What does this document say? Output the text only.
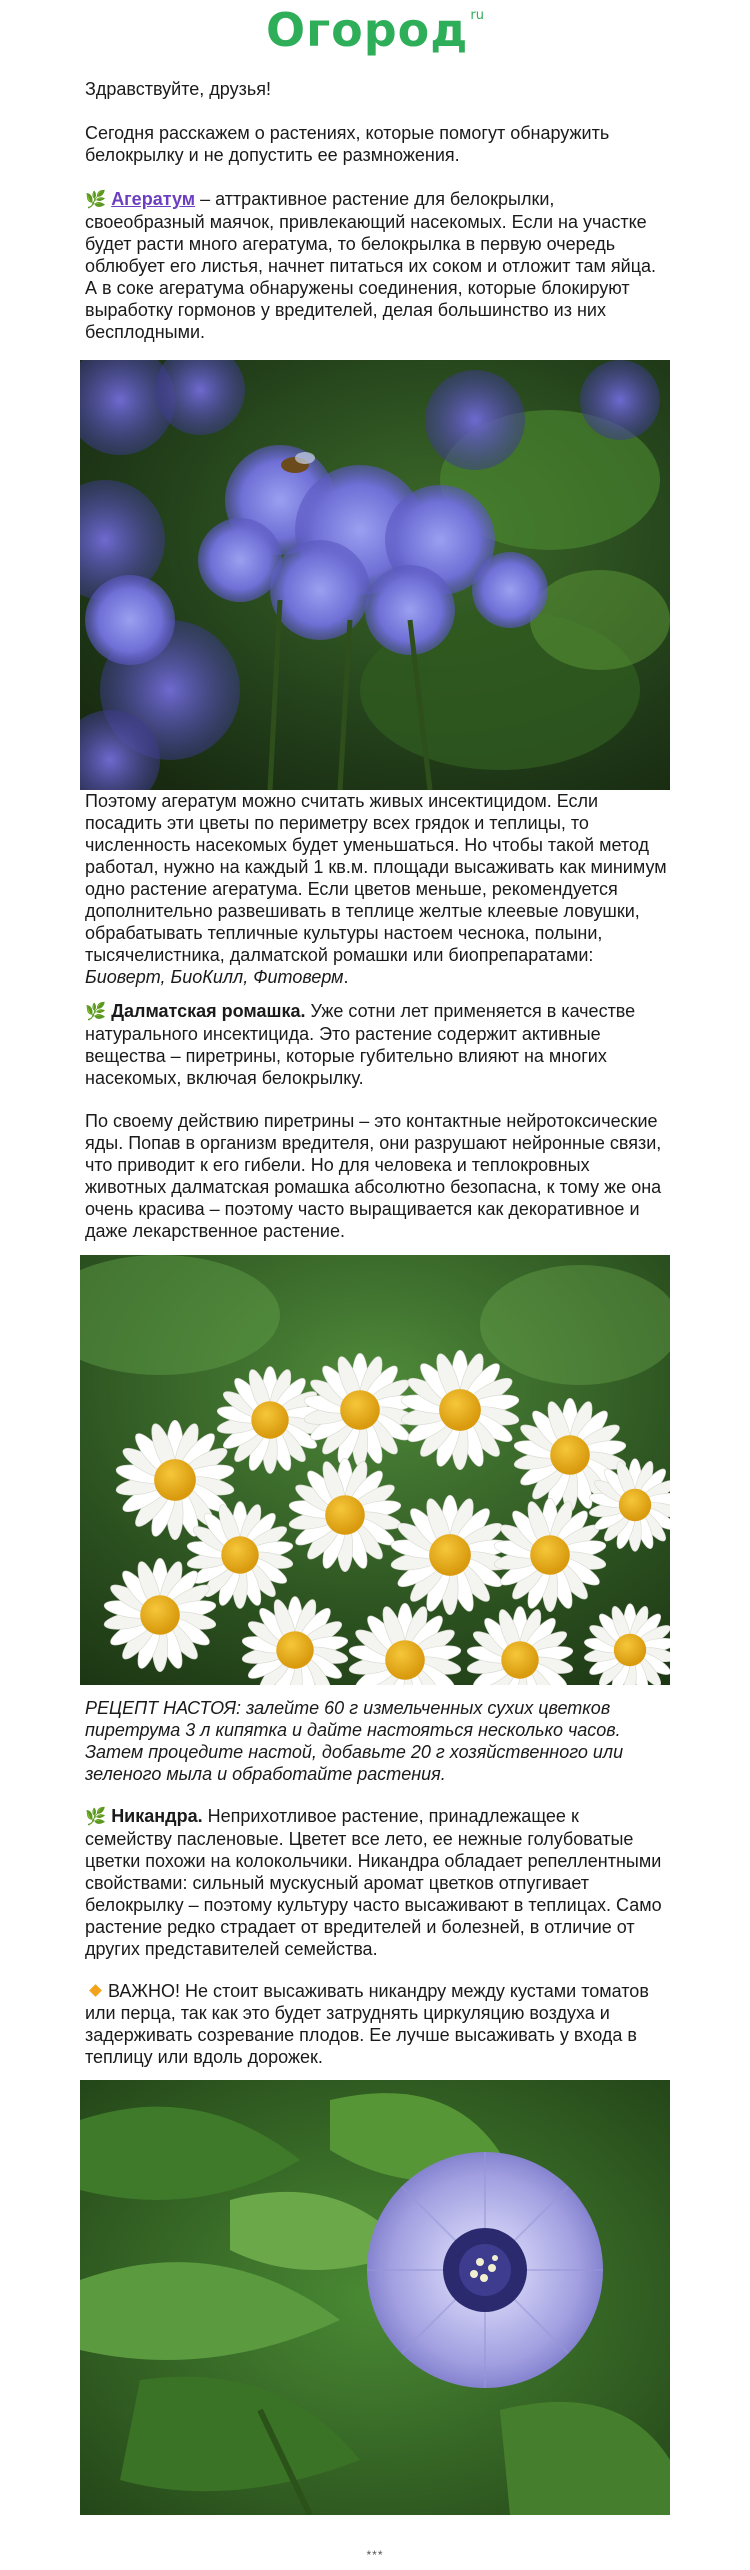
Огород $^{ru}$

Здравствуйте, друзья!

Сегодня расскажем о растениях, которые помогут обнаружить белокрылку и не допустить ее размножения.

🌿 Агератум – аттрактивное растение для белокрылки, своеобразный маячок, привлекающий насекомых. Если на участке будет расти много агератума, то белокрылка в первую очередь облюбует его листья, начнет питаться их соком и отложит там яйца. А в соке агератума обнаружены соединения, которые блокируют выработку гормонов у вредителей, делая большинство из них бесплодными.

Поэтому агератум можно считать живых инсектицидом. Если посадить эти цветы по периметру всех грядок и теплицы, то численность насекомых будет уменьшаться. Но чтобы такой метод работал, нужно на каждый 1 кв.м. площади высаживать как минимум одно растение агератума. Если цветов меньше, рекомендуется дополнительно развешивать в теплице желтые клеевые ловушки, обрабатывать тепличные культуры настоем чеснока, полыни, тысячелистника, далматской ромашки или биопрепаратами: Биоверт, БиоКилл, Фитоверм.

🌿 Далматская ромашка. Уже сотни лет применяется в качестве натурального инсектицида. Это растение содержит активные вещества – пиретрины, которые губительно влияют на многих насекомых, включая белокрылку.

По своему действию пиретрины – это контактные нейротоксические яды. Попав в организм вредителя, они разрушают нейронные связи, что приводит к его гибели. Но для человека и теплокровных животных далматская ромашка абсолютно безопасна, к тому же она очень красива – поэтому часто выращивается как декоративное и даже лекарственное растение.

РЕЦЕПТ НАСТОЯ: залейте 60 г измельченных сухих цветков пиретрума 3 л кипятка и дайте настояться несколько часов. Затем процедите настой, добавьте 20 г хозяйственного или зеленого мыла и обработайте растения.

🌿 Никандра. Неприхотливое растение, принадлежащее к семейству пасленовые. Цветет все лето, ее нежные голубоватые цветки похожи на колокольчики. Никандра обладает репеллентными свойствами: сильный мускусный аромат цветков отпугивает белокрылку – поэтому культуру часто высаживают в теплицах. Само растение редко страдает от вредителей и болезней, в отличие от других представителей семейства.

ВАЖНО! Не стоит высаживать никандру между кустами томатов или перца, так как это будет затруднять циркуляцию воздуха и задерживать созревание плодов. Ее лучше высаживать у входа в теплицу или вдоль дорожек.

***
